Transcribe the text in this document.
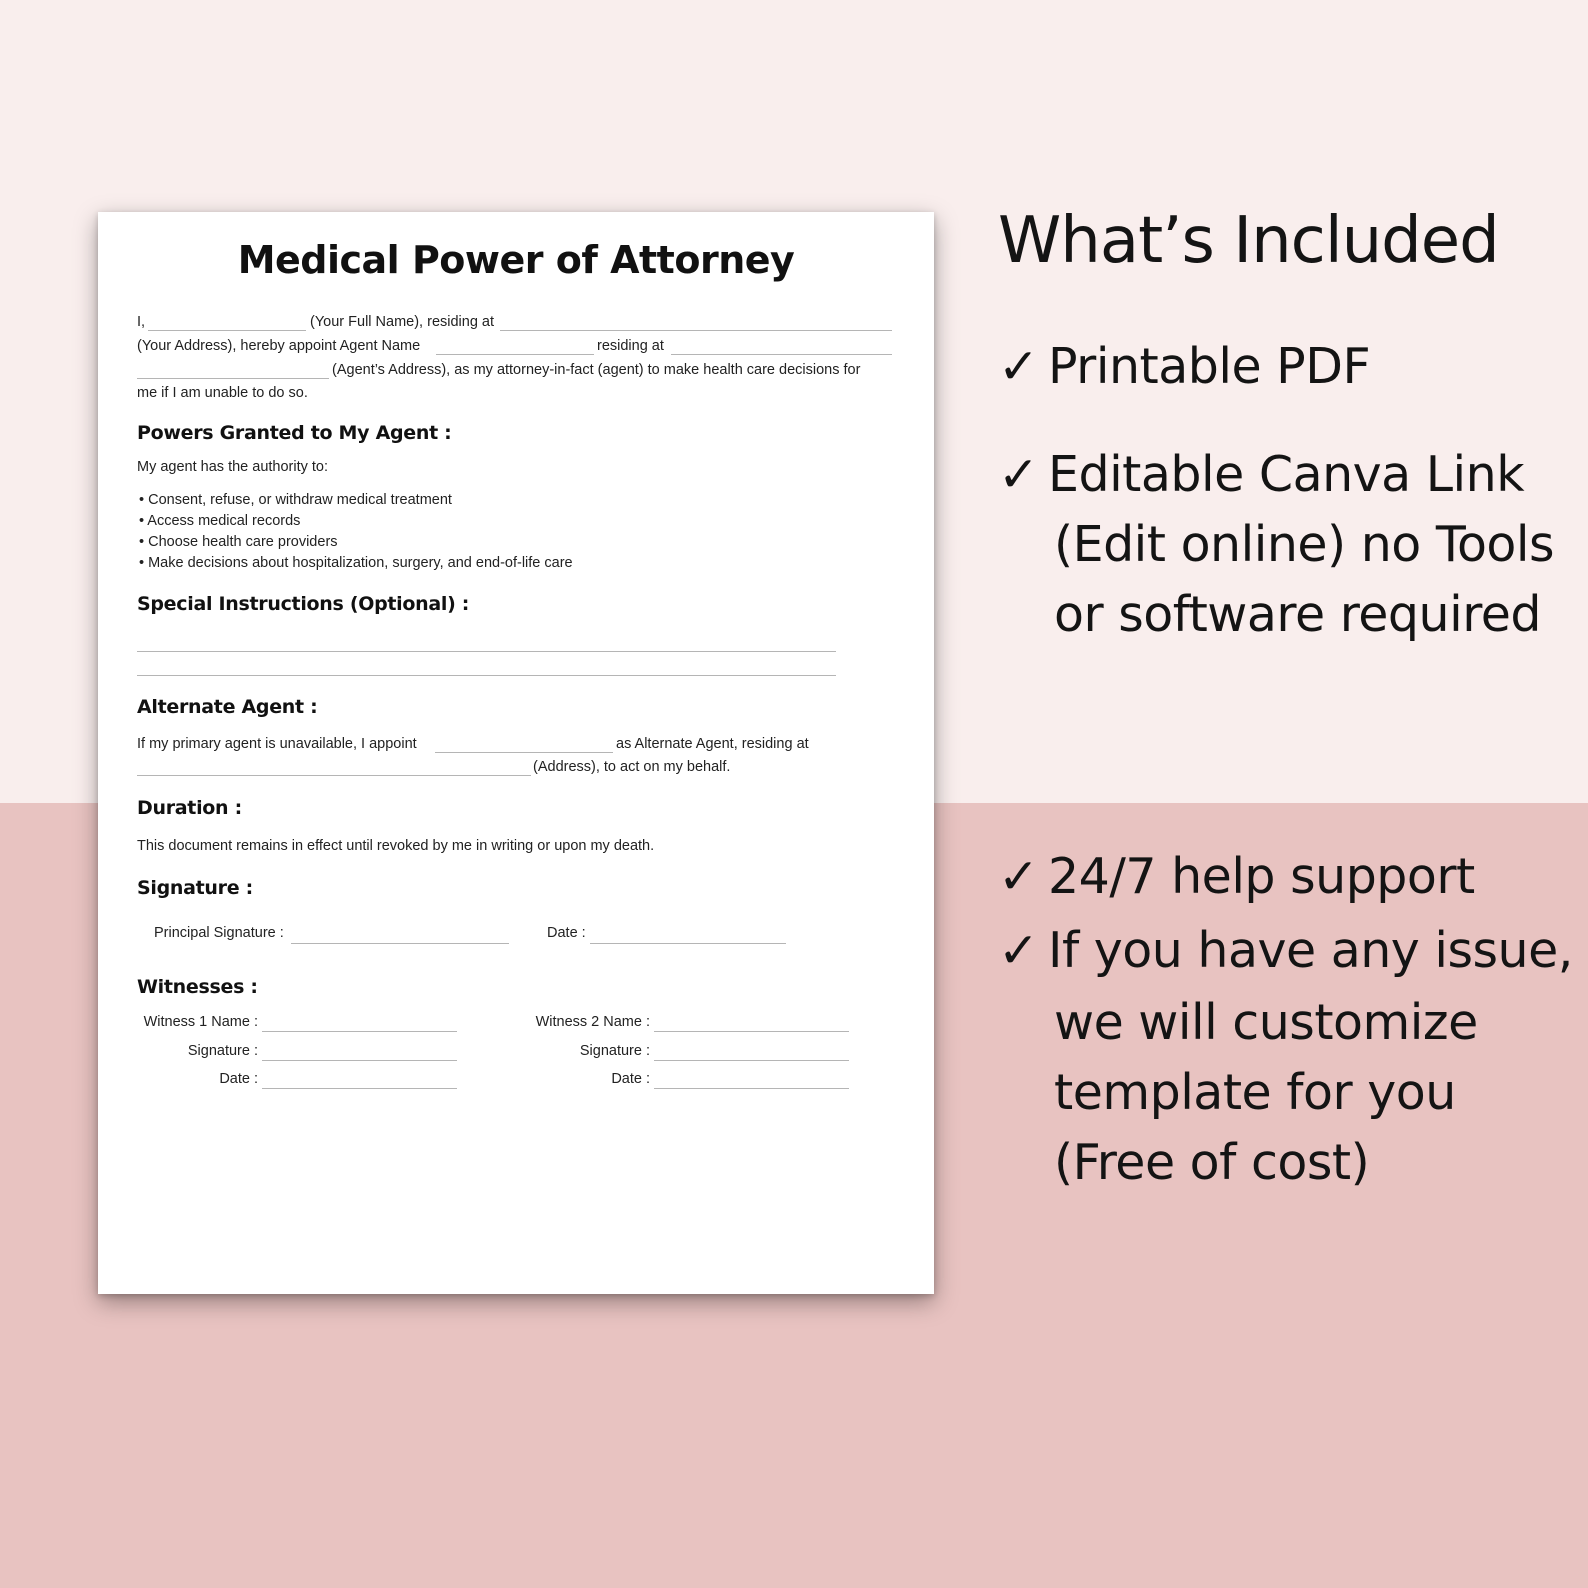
Medical Power of Attorney
I,	(Your Full Name), residing at
(Your Address), hereby appoint Agent Name	residing at
(Agent’s Address), as my attorney-in-fact (agent) to make health care decisions for
me if I am unable to do so.
Powers Granted to My Agent :
My agent has the authority to:
• Consent, refuse, or withdraw medical treatment
• Access medical records
• Choose health care providers
• Make decisions about hospitalization, surgery, and end-of-life care
Special Instructions (Optional) :
Alternate Agent :
If my primary agent is unavailable, I appoint	as Alternate Agent, residing at
(Address), to act on my behalf.
Duration :
This document remains in effect until revoked by me in writing or upon my death.
Signature :
Principal Signature :	Date :
Witnesses :
Witness 1 Name :
Signature :
Date :
Witness 2 Name :
Signature :
Date :
What’s Included
✓ Printable PDF
✓ Editable Canva Link
(Edit online) no Tools
or software required
✓ 24/7 help support
✓ If you have any issue,
we will customize
template for you
(Free of cost)
